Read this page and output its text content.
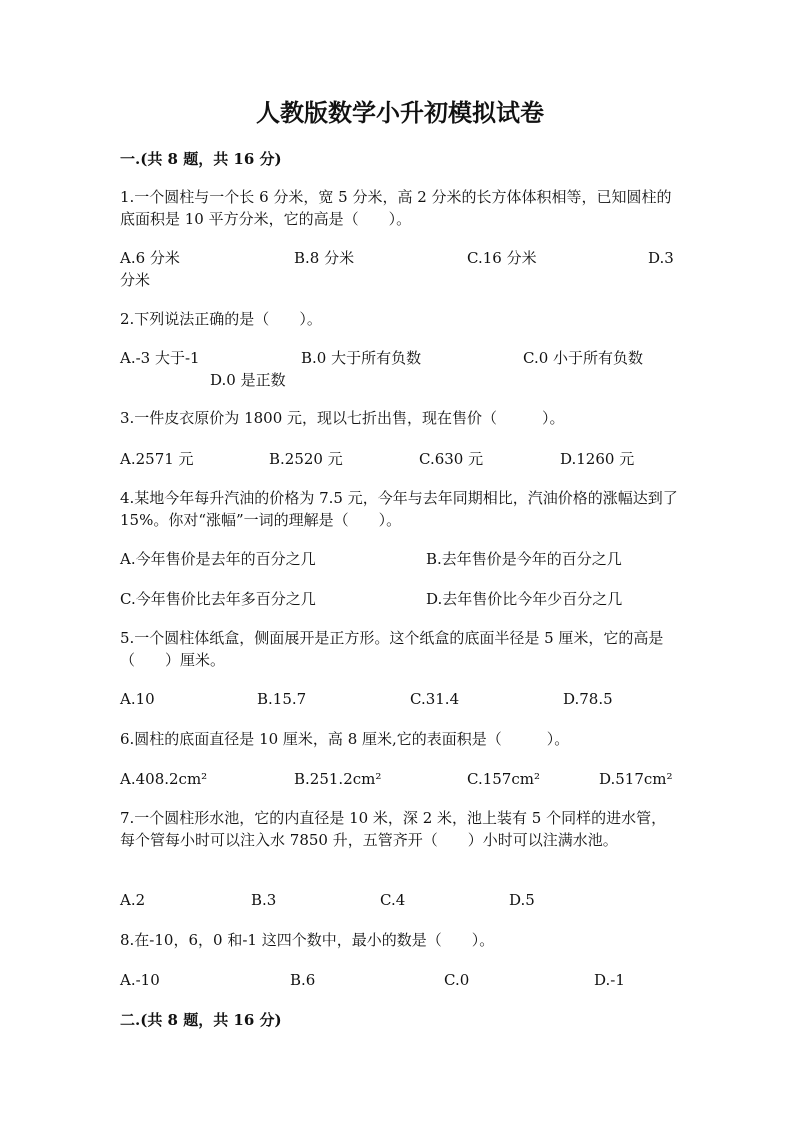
人教版数学小升初模拟试卷
一.(共 8 题，共 16 分)
1.一个圆柱与一个长 6 分米，宽 5 分米，高 2 分米的长方体体积相等，已知圆柱的底面积是 10 平方分米，它的高是（　　）。
A.6 分米	B.8 分米	C.16 分米	D.3
分米
2.下列说法正确的是（　　）。
A.-3 大于-1	B.0 大于所有负数	C.0 小于所有负数
D.0 是正数
3.一件皮衣原价为 1800 元，现以七折出售，现在售价（　　　）。
A.2571 元	B.2520 元	C.630 元	D.1260 元
4.某地今年每升汽油的价格为 7.5 元，今年与去年同期相比，汽油价格的涨幅达到了 15%。你对“涨幅”一词的理解是（　　）。
A.今年售价是去年的百分之几	B.去年售价是今年的百分之几
C.今年售价比去年多百分之几	D.去年售价比今年少百分之几
5.一个圆柱体纸盒，侧面展开是正方形。这个纸盒的底面半径是 5 厘米，它的高是（　　）厘米。
A.10	B.15.7	C.31.4	D.78.5
6.圆柱的底面直径是 10 厘米，高 8 厘米,它的表面积是（　　　）。
A.408.2cm²	B.251.2cm²	C.157cm²	D.517cm²
7.一个圆柱形水池，它的内直径是 10 米，深 2 米，池上装有 5 个同样的进水管，每个管每小时可以注入水 7850 升，五管齐开（　　）小时可以注满水池。
A.2	B.3	C.4	D.5
8.在-10，6，0 和-1 这四个数中，最小的数是（　　）。
A.-10	B.6	C.0	D.-1
二.(共 8 题，共 16 分)
